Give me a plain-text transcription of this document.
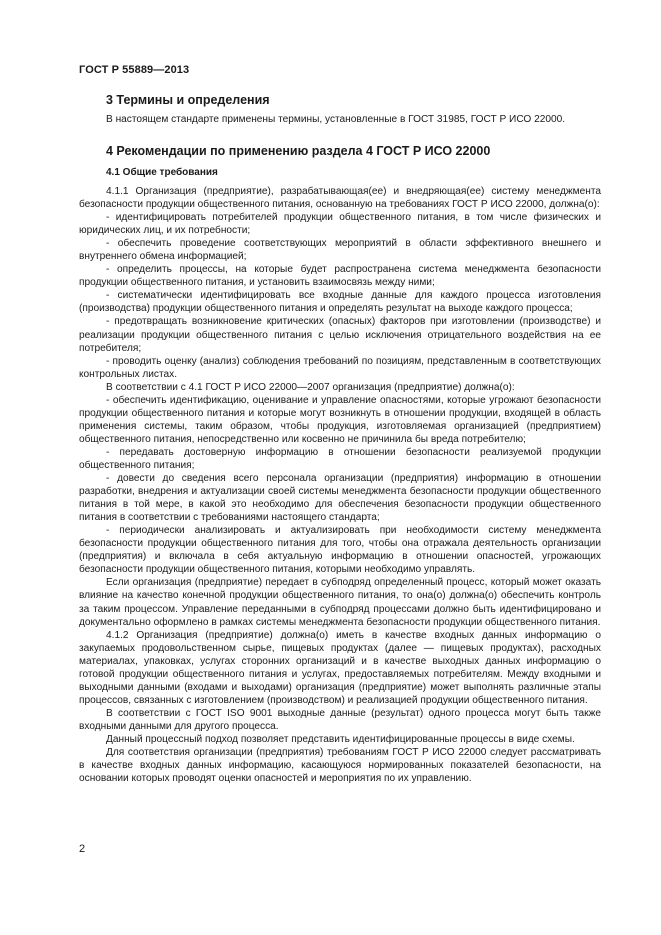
ГОСТ Р 55889—2013
3 Термины и определения
В настоящем стандарте применены термины, установленные в ГОСТ 31985, ГОСТ Р ИСО 22000.
4 Рекомендации по применению раздела 4 ГОСТ Р ИСО 22000
4.1 Общие требования

4.1.1 Организация (предприятие), разрабатывающая(ее) и внедряющая(ее) систему менеджмента безопасности продукции общественного питания, основанную на требованиях ГОСТ Р ИСО 22000, должна(о):

- идентифицировать потребителей продукции общественного питания, в том числе физических и юридических лиц, и их потребности;

- обеспечить проведение соответствующих мероприятий в области эффективного внешнего и внутреннего обмена информацией;

- определить процессы, на которые будет распространена система менеджмента безопасности продукции общественного питания, и установить взаимосвязь между ними;

- систематически идентифицировать все входные данные для каждого процесса изготовления (производства) продукции общественного питания и определять результат на выходе каждого процесса;

- предотвращать возникновение критических (опасных) факторов при изготовлении (производстве) и реализации продукции общественного питания с целью исключения отрицательного воздействия на ее потребителя;

- проводить оценку (анализ) соблюдения требований по позициям, представленным в соответствующих контрольных листах.

В соответствии с 4.1 ГОСТ Р ИСО 22000—2007 организация (предприятие) должна(о):

- обеспечить идентификацию, оценивание и управление опасностями, которые угрожают безопасности продукции общественного питания и которые могут возникнуть в отношении продукции, входящей в область применения системы, таким образом, чтобы продукция, изготовляемая организацией (предприятием) общественного питания, непосредственно или косвенно не причинила бы вреда потребителю;

- передавать достоверную информацию в отношении безопасности реализуемой продукции общественного питания;

- довести до сведения всего персонала организации (предприятия) информацию в отношении разработки, внедрения и актуализации своей системы менеджмента безопасности продукции общественного питания в той мере, в какой это необходимо для обеспечения безопасности продукции общественного питания в соответствии с требованиями настоящего стандарта;

- периодически анализировать и актуализировать при необходимости систему менеджмента безопасности продукции общественного питания для того, чтобы она отражала деятельность организации (предприятия) и включала в себя актуальную информацию в отношении опасностей, угрожающих безопасности продукции общественного питания, которыми необходимо управлять.

Если организация (предприятие) передает в субподряд определенный процесс, который может оказать влияние на качество конечной продукции общественного питания, то она(о) должна(о) обеспечить контроль за таким процессом. Управление переданными в субподряд процессами должно быть идентифицировано и документально оформлено в рамках системы менеджмента безопасности продукции общественного питания.

4.1.2 Организация (предприятие) должна(о) иметь в качестве входных данных информацию о закупаемых продовольственном сырье, пищевых продуктах (далее — пищевых продуктах), расходных материалах, упаковках, услугах сторонних организаций и в качестве выходных данных информацию о готовой продукции общественного питания и услугах, предоставляемых потребителям. Между входными и выходными данными (входами и выходами) организация (предприятие) может выполнять различные этапы процессов, связанных с изготовлением (производством) и реализацией продукции общественного питания.

В соответствии с ГОСТ ISO 9001 выходные данные (результат) одного процесса могут быть также входными данными для другого процесса.

Данный процессный подход позволяет представить идентифицированные процессы в виде схемы.

Для соответствия организации (предприятия) требованиям ГОСТ Р ИСО 22000 следует рассматривать в качестве входных данных информацию, касающуюся нормированных показателей безопасности, на основании которых проводят оценки опасностей и мероприятия по их управлению.

2
